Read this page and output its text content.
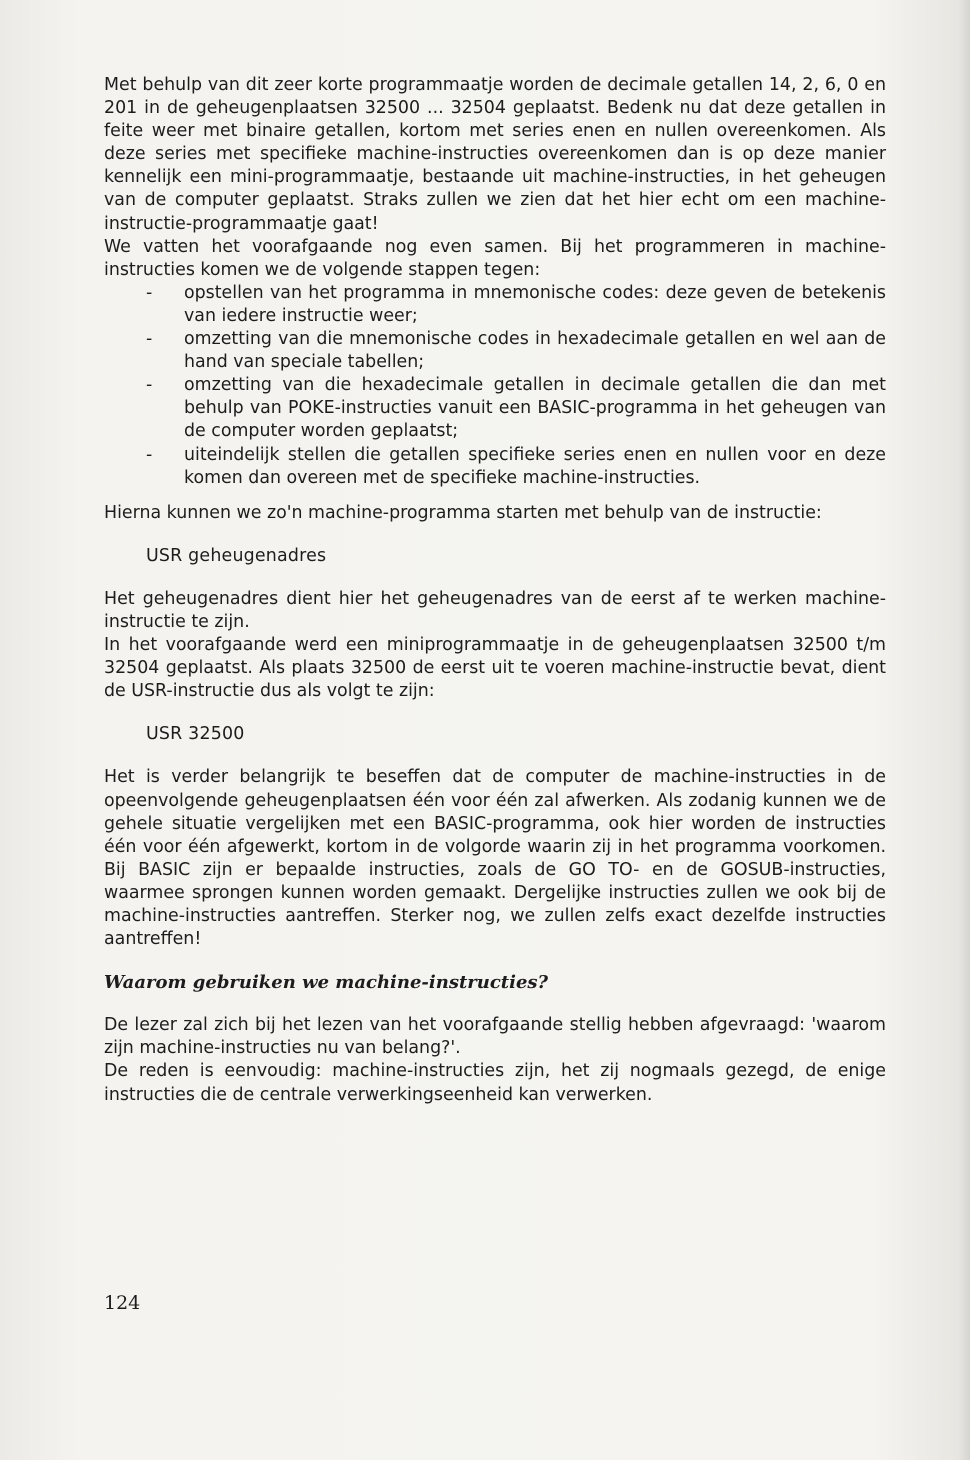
Met behulp van dit zeer korte programmaatje worden de decimale getallen 14, 2, 6, 0 en 201 in de geheugenplaatsen 32500 ... 32504 geplaatst. Bedenk nu dat deze getallen in feite weer met binaire getallen, kortom met series enen en nullen overeenkomen. Als deze series met specifieke machine-instructies overeenkomen dan is op deze manier kennelijk een mini-programmaatje, bestaande uit machine-instructies, in het geheugen van de computer geplaatst. Straks zullen we zien dat het hier echt om een machine-instructie-programmaatje gaat!

We vatten het voorafgaande nog even samen. Bij het programmeren in machine-instructies komen we de volgende stappen tegen:

- opstellen van het programma in mnemonische codes: deze geven de betekenis van iedere instructie weer;
- omzetting van die mnemonische codes in hexadecimale getallen en wel aan de hand van speciale tabellen;
- omzetting van die hexadecimale getallen in decimale getallen die dan met behulp van POKE-instructies vanuit een BASIC-programma in het geheugen van de computer worden geplaatst;
- uiteindelijk stellen die getallen specifieke series enen en nullen voor en deze komen dan overeen met de specifieke machine-instructies.

Hierna kunnen we zo'n machine-programma starten met behulp van de instructie:

USR geheugenadres

Het geheugenadres dient hier het geheugenadres van de eerst af te werken machine-instructie te zijn.

In het voorafgaande werd een miniprogrammaatje in de geheugenplaatsen 32500 t/m 32504 geplaatst. Als plaats 32500 de eerst uit te voeren machine-instructie bevat, dient de USR-instructie dus als volgt te zijn:

USR 32500

Het is verder belangrijk te beseffen dat de computer de machine-instructies in de opeenvolgende geheugenplaatsen één voor één zal afwerken. Als zodanig kunnen we de gehele situatie vergelijken met een BASIC-programma, ook hier worden de instructies één voor één afgewerkt, kortom in de volgorde waarin zij in het programma voorkomen. Bij BASIC zijn er bepaalde instructies, zoals de GO TO- en de GOSUB-instructies, waarmee sprongen kunnen worden gemaakt. Dergelijke instructies zullen we ook bij de machine-instructies aantreffen. Sterker nog, we zullen zelfs exact dezelfde instructies aantreffen!

Waarom gebruiken we machine-instructies?

De lezer zal zich bij het lezen van het voorafgaande stellig hebben afgevraagd: 'waarom zijn machine-instructies nu van belang?'.

De reden is eenvoudig: machine-instructies zijn, het zij nogmaals gezegd, de enige instructies die de centrale verwerkingseenheid kan verwerken.

124
